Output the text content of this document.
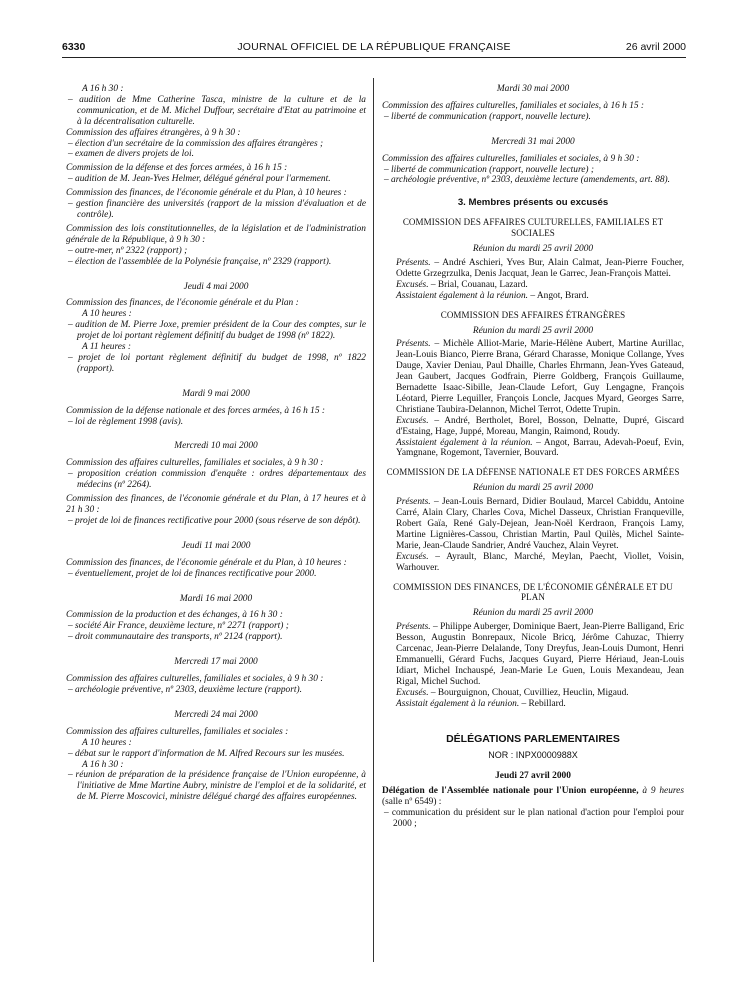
6330	JOURNAL OFFICIEL DE LA RÉPUBLIQUE FRANÇAISE	26 avril 2000

A 16 h 30 :

– audition de Mme Catherine Tasca, ministre de la culture et de la communication, et de M. Michel Duffour, secrétaire d'Etat au patrimoine et à la décentralisation culturelle.

Commission des affaires étrangères, à 9 h 30 :

– élection d'un secrétaire de la commission des affaires étrangères ;

– examen de divers projets de loi.

Commission de la défense et des forces armées, à 16 h 15 :

– audition de M. Jean-Yves Helmer, délégué général pour l'armement.

Commission des finances, de l'économie générale et du Plan, à 10 heures :

– gestion financière des universités (rapport de la mission d'évaluation et de contrôle).

Commission des lois constitutionnelles, de la législation et de l'administration générale de la République, à 9 h 30 :

– outre-mer, nº 2322 (rapport) ;

– élection de l'assemblée de la Polynésie française, nº 2329 (rapport).

Jeudi 4 mai 2000

Commission des finances, de l'économie générale et du Plan :

A 10 heures :

– audition de M. Pierre Joxe, premier président de la Cour des comptes, sur le projet de loi portant règlement définitif du budget de 1998 (nº 1822).

A 11 heures :

– projet de loi portant règlement définitif du budget de 1998, nº 1822 (rapport).

Mardi 9 mai 2000

Commission de la défense nationale et des forces armées, à 16 h 15 :

– loi de règlement 1998 (avis).

Mercredi 10 mai 2000

Commission des affaires culturelles, familiales et sociales, à 9 h 30 :

– proposition création commission d'enquête : ordres départementaux des médecins (nº 2264).

Commission des finances, de l'économie générale et du Plan, à 17 heures et à 21 h 30 :

– projet de loi de finances rectificative pour 2000 (sous réserve de son dépôt).

Jeudi 11 mai 2000

Commission des finances, de l'économie générale et du Plan, à 10 heures :

– éventuellement, projet de loi de finances rectificative pour 2000.

Mardi 16 mai 2000

Commission de la production et des échanges, à 16 h 30 :

– société Air France, deuxième lecture, nº 2271 (rapport) ;

– droit communautaire des transports, nº 2124 (rapport).

Mercredi 17 mai 2000

Commission des affaires culturelles, familiales et sociales, à 9 h 30 :

– archéologie préventive, nº 2303, deuxième lecture (rapport).

Mercredi 24 mai 2000

Commission des affaires culturelles, familiales et sociales :

A 10 heures :

– débat sur le rapport d'information de M. Alfred Recours sur les musées.

A 16 h 30 :

– réunion de préparation de la présidence française de l'Union européenne, à l'initiative de Mme Martine Aubry, ministre de l'emploi et de la solidarité, et de M. Pierre Moscovici, ministre délégué chargé des affaires européennes.

Mardi 30 mai 2000

Commission des affaires culturelles, familiales et sociales, à 16 h 15 :

– liberté de communication (rapport, nouvelle lecture).

Mercredi 31 mai 2000

Commission des affaires culturelles, familiales et sociales, à 9 h 30 :

– liberté de communication (rapport, nouvelle lecture) ;

– archéologie préventive, nº 2303, deuxième lecture (amendements, art. 88).

3. Membres présents ou excusés

COMMISSION DES AFFAIRES CULTURELLES, FAMILIALES ET SOCIALES

Réunion du mardi 25 avril 2000

Présents. – André Aschieri, Yves Bur, Alain Calmat, Jean-Pierre Foucher, Odette Grzegrzulka, Denis Jacquat, Jean le Garrec, Jean-François Mattei.

Excusés. – Brial, Couanau, Lazard.

Assistaient également à la réunion. – Angot, Brard.

COMMISSION DES AFFAIRES ÉTRANGÈRES

Réunion du mardi 25 avril 2000

Présents. – Michèle Alliot-Marie, Marie-Hélène Aubert, Martine Aurillac, Jean-Louis Bianco, Pierre Brana, Gérard Charasse, Monique Collange, Yves Dauge, Xavier Deniau, Paul Dhaille, Charles Ehrmann, Jean-Yves Gateaud, Jean Gaubert, Jacques Godfrain, Pierre Goldberg, François Guillaume, Bernadette Isaac-Sibille, Jean-Claude Lefort, Guy Lengagne, François Léotard, Pierre Lequiller, François Loncle, Jacques Myard, Georges Sarre, Christiane Taubira-Delannon, Michel Terrot, Odette Trupin.

Excusés. – André, Bertholet, Borel, Bosson, Delnatte, Dupré, Giscard d'Estaing, Hage, Juppé, Moreau, Mangin, Raimond, Roudy.

Assistaient également à la réunion. – Angot, Barrau, Adevah-Poeuf, Evin, Yamgnane, Rogemont, Tavernier, Bouvard.

COMMISSION DE LA DÉFENSE NATIONALE ET DES FORCES ARMÉES

Réunion du mardi 25 avril 2000

Présents. – Jean-Louis Bernard, Didier Boulaud, Marcel Cabiddu, Antoine Carré, Alain Clary, Charles Cova, Michel Dasseux, Christian Franqueville, Robert Gaïa, René Galy-Dejean, Jean-Noël Kerdraon, François Lamy, Martine Lignières-Cassou, Christian Martin, Paul Quilès, Michel Sainte-Marie, Jean-Claude Sandrier, André Vauchez, Alain Veyret.

Excusés. – Ayrault, Blanc, Marché, Meylan, Paecht, Viollet, Voisin, Warhouver.

COMMISSION DES FINANCES, DE L'ÉCONOMIE GÉNÉRALE ET DU PLAN

Réunion du mardi 25 avril 2000

Présents. – Philippe Auberger, Dominique Baert, Jean-Pierre Balligand, Eric Besson, Augustin Bonrepaux, Nicole Bricq, Jérôme Cahuzac, Thierry Carcenac, Jean-Pierre Delalande, Tony Dreyfus, Jean-Louis Dumont, Henri Emmanuelli, Gérard Fuchs, Jacques Guyard, Pierre Hériaud, Jean-Louis Idiart, Michel Inchauspé, Jean-Marie Le Guen, Louis Mexandeau, Jean Rigal, Michel Suchod.

Excusés. – Bourguignon, Chouat, Cuvilliez, Heuclin, Migaud.

Assistait également à la réunion. – Rebillard.

DÉLÉGATIONS PARLEMENTAIRES

NOR : INPX0000988X

Jeudi 27 avril 2000

Délégation de l'Assemblée nationale pour l'Union européenne, à 9 heures (salle nº 6549) :

– communication du président sur le plan national d'action pour l'emploi pour 2000 ;
